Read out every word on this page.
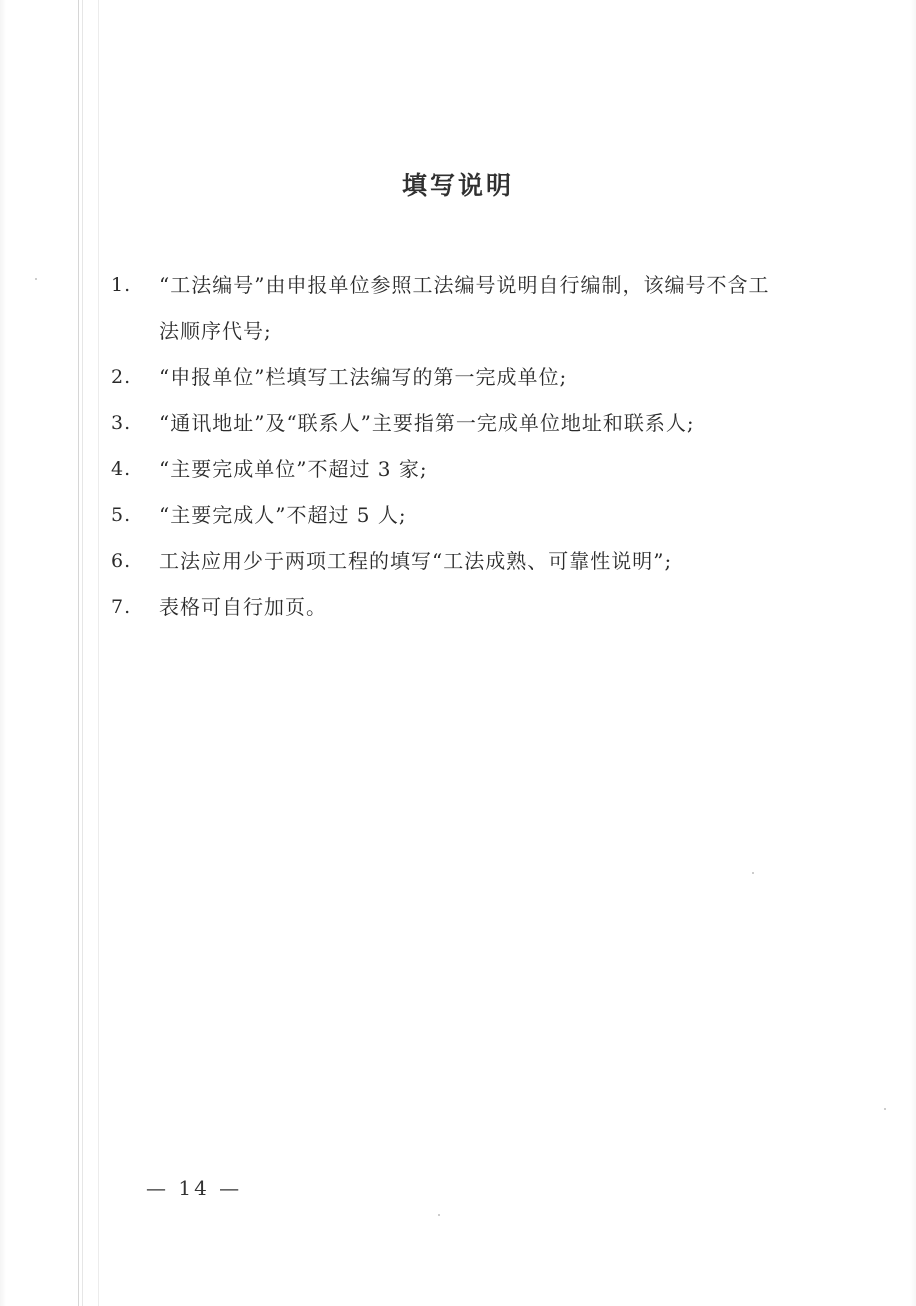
填写说明
1.	“工法编号”由申报单位参照工法编号说明自行编制，该编号不含工法顺序代号;
2.	“申报单位”栏填写工法编写的第一完成单位;
3.	“通讯地址”及“联系人”主要指第一完成单位地址和联系人;
4.	“主要完成单位”不超过 3 家;
5.	“主要完成人”不超过 5 人;
6.	工法应用少于两项工程的填写“工法成熟、可靠性说明”;
7.	表格可自行加页。
— 14 —
